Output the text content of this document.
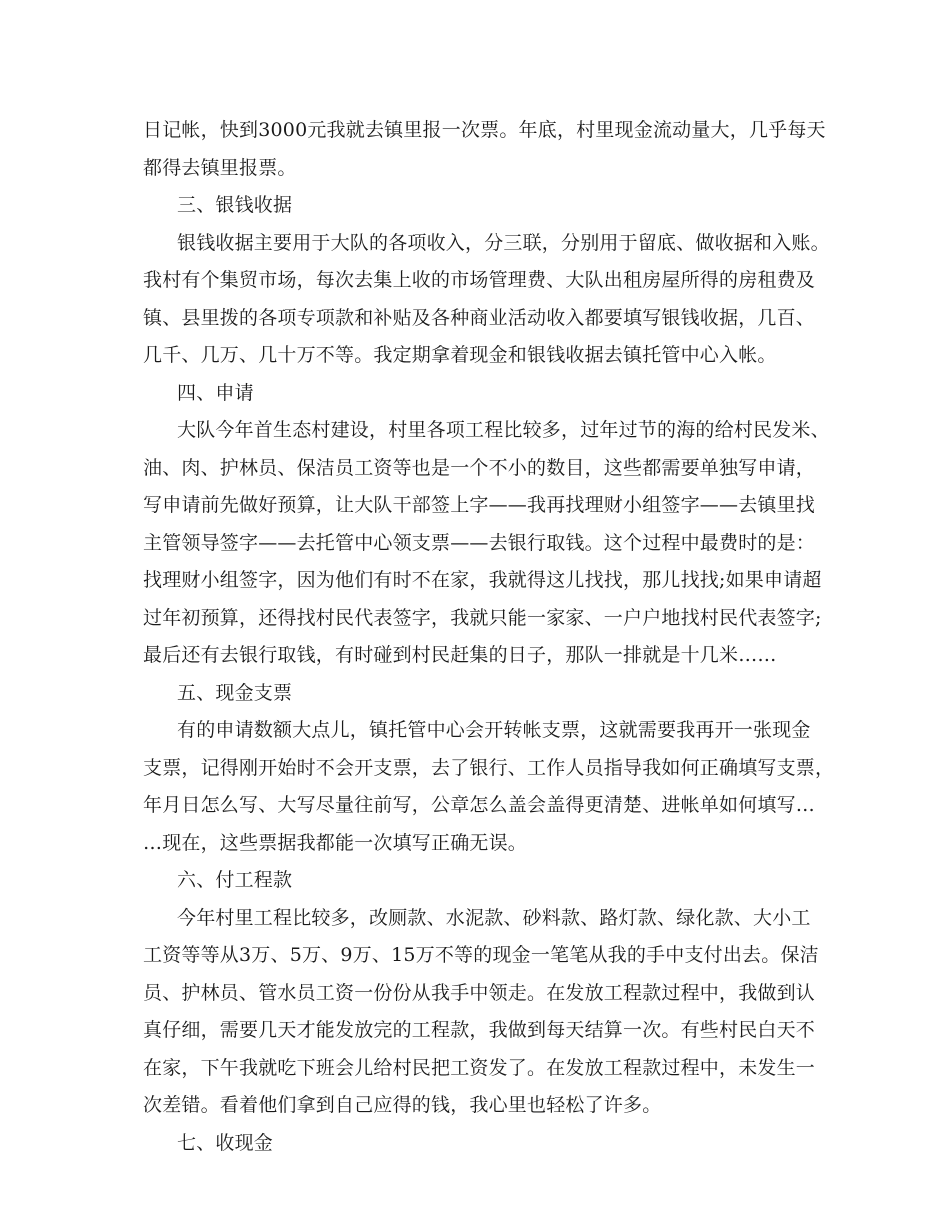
日记帐，快到3000元我就去镇里报一次票。年底，村里现金流动量大，几乎每天
都得去镇里报票。
三、银钱收据
银钱收据主要用于大队的各项收入，分三联，分别用于留底、做收据和入账。
我村有个集贸市场，每次去集上收的市场管理费、大队出租房屋所得的房租费及
镇、县里拨的各项专项款和补贴及各种商业活动收入都要填写银钱收据，几百、
几千、几万、几十万不等。我定期拿着现金和银钱收据去镇托管中心入帐。
四、申请
大队今年首生态村建设，村里各项工程比较多，过年过节的海的给村民发米、
油、肉、护林员、保洁员工资等也是一个不小的数目，这些都需要单独写申请，
写申请前先做好预算，让大队干部签上字——我再找理财小组签字——去镇里找
主管领导签字——去托管中心领支票——去银行取钱。这个过程中最费时的是：
找理财小组签字，因为他们有时不在家，我就得这儿找找，那儿找找;如果申请超
过年初预算，还得找村民代表签字，我就只能一家家、一户户地找村民代表签字;
最后还有去银行取钱，有时碰到村民赶集的日子，那队一排就是十几米……
五、现金支票
有的申请数额大点儿，镇托管中心会开转帐支票，这就需要我再开一张现金
支票，记得刚开始时不会开支票，去了银行、工作人员指导我如何正确填写支票，
年月日怎么写、大写尽量往前写，公章怎么盖会盖得更清楚、进帐单如何填写…
…现在，这些票据我都能一次填写正确无误。
六、付工程款
今年村里工程比较多，改厕款、水泥款、砂料款、路灯款、绿化款、大小工
工资等等从3万、5万、9万、15万不等的现金一笔笔从我的手中支付出去。保洁
员、护林员、管水员工资一份份从我手中领走。在发放工程款过程中，我做到认
真仔细，需要几天才能发放完的工程款，我做到每天结算一次。有些村民白天不
在家，下午我就吃下班会儿给村民把工资发了。在发放工程款过程中，未发生一
次差错。看着他们拿到自己应得的钱，我心里也轻松了许多。
七、收现金
